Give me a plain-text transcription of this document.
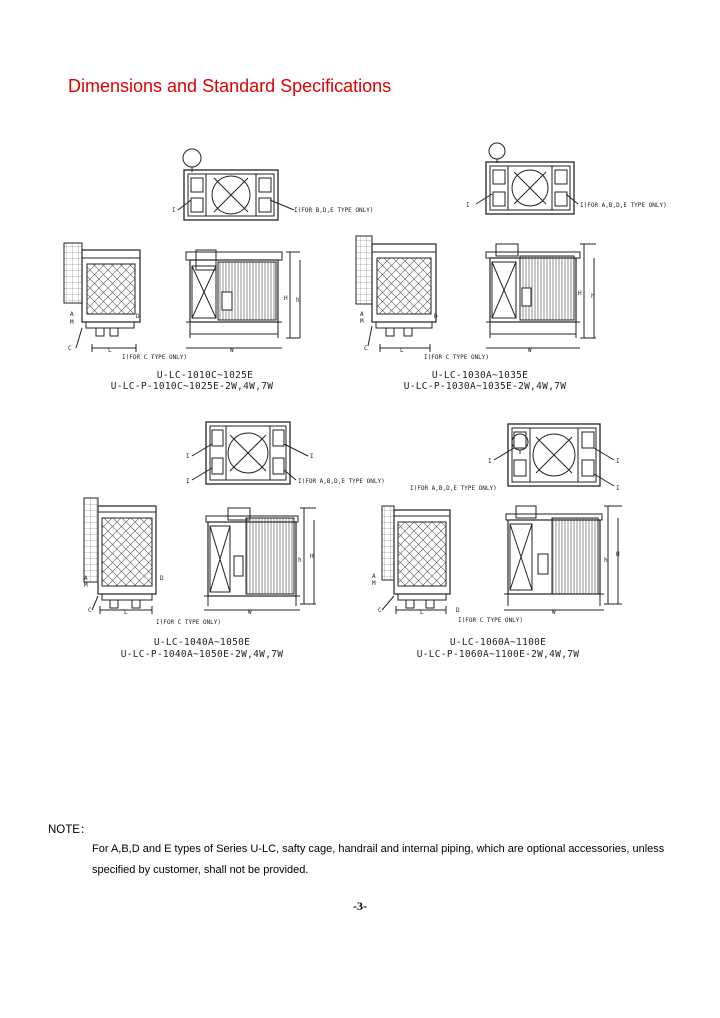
Dimensions and Standard Specifications
I	I(FOR B,D,E TYPE ONLY)
A
M
C	L
D
I(FOR C TYPE ONLY)
W
H h
I	I(FOR A,B,D,E TYPE ONLY)
A
M
C	L
D
I(FOR C TYPE ONLY)
W
H h
I
I
I
I(FOR A,B,D,E TYPE ONLY)
A
M
C	L
D
I(FOR C TYPE ONLY)
W
H
h
I	I
I
I(FOR A,B,D,E TYPE ONLY)
A
M
C	L	D
I(FOR C TYPE ONLY)
W
H
h
U-LC-1010C~1025E
U-LC-P-1010C~1025E-2W,4W,7W
U-LC-1030A~1035E
U-LC-P-1030A~1035E-2W,4W,7W
U-LC-1040A~1050E
U-LC-P-1040A~1050E-2W,4W,7W
U-LC-1060A~1100E
U-LC-P-1060A~1100E-2W,4W,7W
NOTE：
For A,B,D and E types of Series U-LC, safty cage, handrail and internal piping, which are optional accessories, unless specified by customer, shall not be provided.
-3-
